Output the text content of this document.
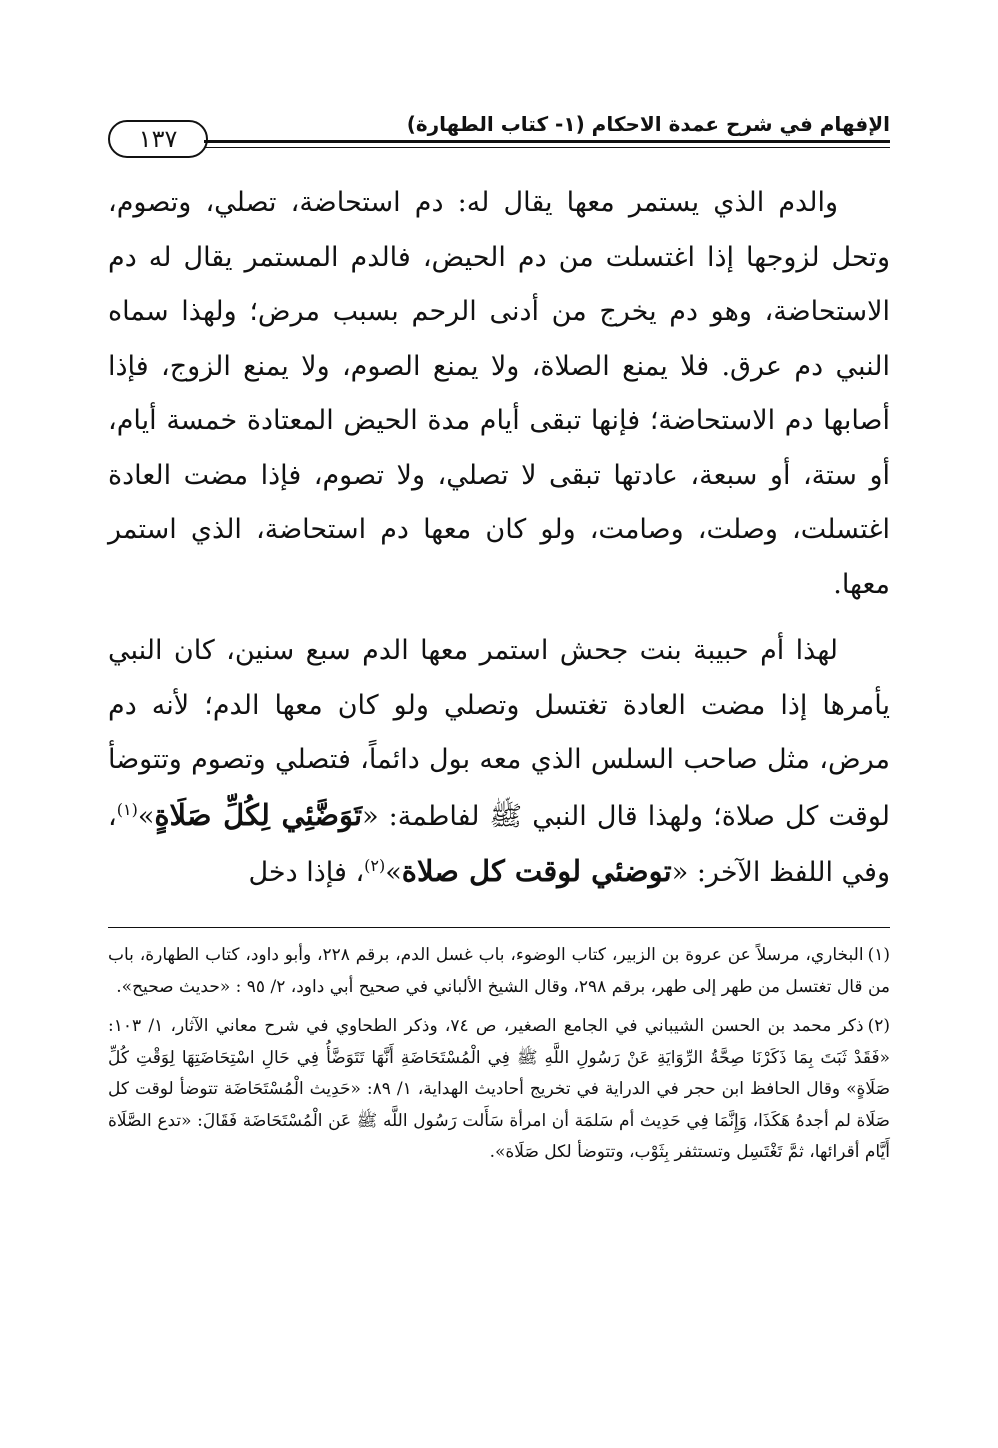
الإفهام في شرح عمدة الاحكام (١- كتاب الطهارة)
١٣٧

والدم الذي يستمر معها يقال له: دم استحاضة، تصلي، وتصوم، وتحل لزوجها إذا اغتسلت من دم الحيض، فالدم المستمر يقال له دم الاستحاضة، وهو دم يخرج من أدنى الرحم بسبب مرض؛ ولهذا سماه النبي دم عرق. فلا يمنع الصلاة، ولا يمنع الصوم، ولا يمنع الزوج، فإذا أصابها دم الاستحاضة؛ فإنها تبقى أيام مدة الحيض المعتادة خمسة أيام، أو ستة، أو سبعة، عادتها تبقى لا تصلي، ولا تصوم، فإذا مضت العادة اغتسلت، وصلت، وصامت، ولو كان معها دم استحاضة، الذي استمر معها.

لهذا أم حبيبة بنت جحش استمر معها الدم سبع سنين، كان النبي يأمرها إذا مضت العادة تغتسل وتصلي ولو كان معها الدم؛ لأنه دم مرض، مثل صاحب السلس الذي معه بول دائماً، فتصلي وتصوم وتتوضأ لوقت كل صلاة؛ ولهذا قال النبي ﷺ لفاطمة: «تَوَضَّئِي لِكُلِّ صَلَاةٍ»$^{(١)}$، وفي اللفظ الآخر: «توضئي لوقت كل صلاة»$^{(٢)}$، فإذا دخل

(١)البخاري، مرسلاً عن عروة بن الزبير، كتاب الوضوء، باب غسل الدم، برقم ٢٢٨، وأبو داود، كتاب الطهارة، باب من قال تغتسل من طهر إلى طهر، برقم ٢٩٨، وقال الشيخ الألباني في صحيح أبي داود، ٢/ ٩٥ : «حديث صحيح».

(٢)ذكر محمد بن الحسن الشيباني في الجامع الصغير، ص ٧٤، وذكر الطحاوي في شرح معاني الآثار، ١/ ١٠٣: «فَقَدْ ثَبَتَ بِمَا ذَكَرْنَا صِحَّةُ الرِّوَايَةِ عَنْ رَسُولِ اللَّهِ ﷺ فِي الْمُسْتَحَاضَةِ أَنَّهَا تَتَوَضَّأُ فِي حَالِ اسْتِحَاضَتِهَا لِوَقْتِ كُلِّ صَلَاةٍ» وقال الحافظ ابن حجر في الدراية في تخريج أحاديث الهداية، ١/ ٨٩: «حَدِيث الْمُسْتَحَاضَة تتوضأ لوقت كل صَلَاة لم أجدهُ هَكَذَا، وَإِنَّمَا فِي حَدِيث أم سَلمَة أن امرأة سَأَلت رَسُول اللَّه ﷺ عَن الْمُسْتَحَاضَة فَقَالَ: «تدع الصَّلَاة أَيَّام أقرائها، ثمَّ تَغْتَسِل وتستثفر بِثَوْب، وتتوضأ لكل صَلَاة».
